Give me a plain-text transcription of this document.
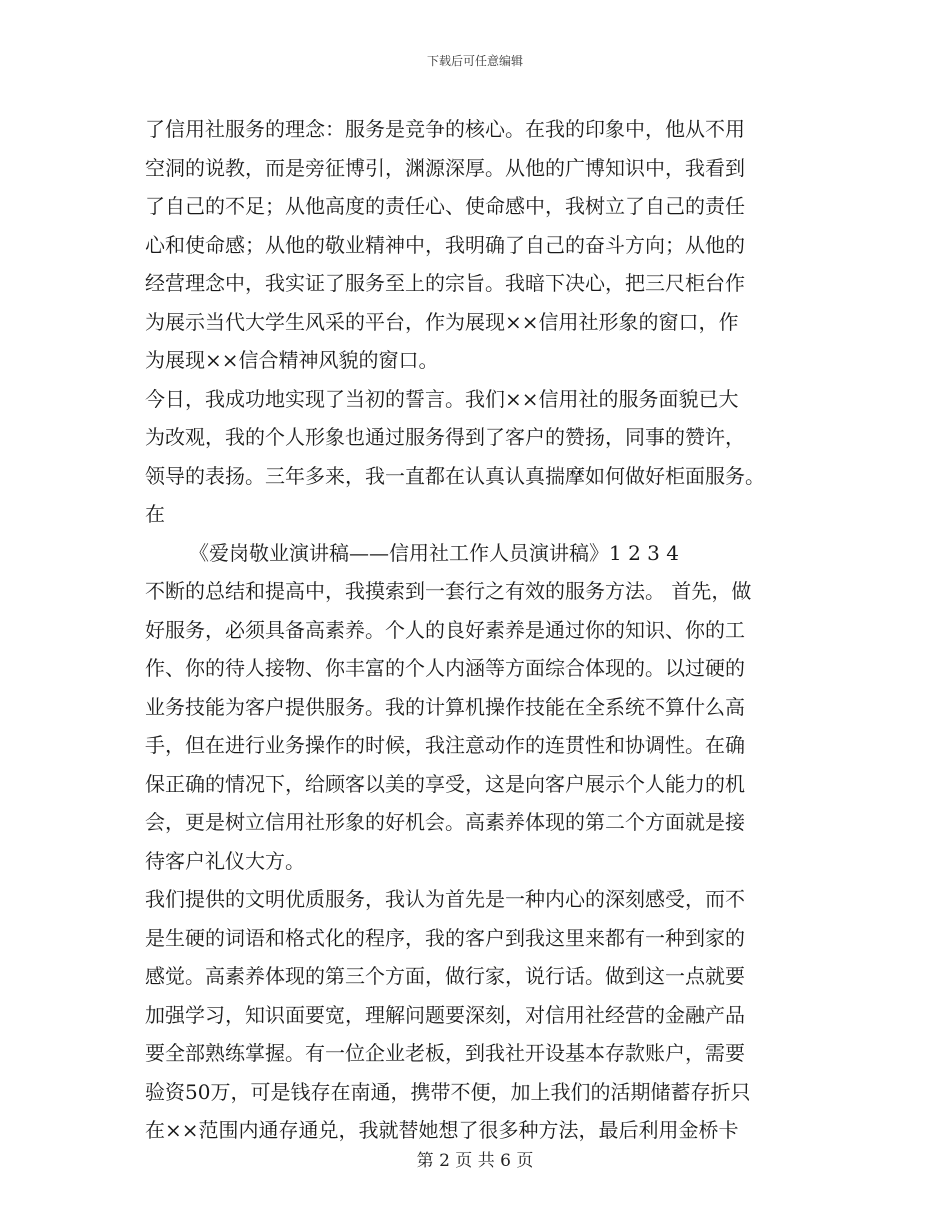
下载后可任意编辑
了信用社服务的理念：服务是竞争的核心。在我的印象中，他从不用
空洞的说教，而是旁征博引，渊源深厚。从他的广博知识中，我看到
了自己的不足；从他高度的责任心、使命感中，我树立了自己的责任
心和使命感；从他的敬业精神中，我明确了自己的奋斗方向；从他的
经营理念中，我实证了服务至上的宗旨。我暗下决心，把三尺柜台作
为展示当代大学生风采的平台，作为展现××信用社形象的窗口，作
为展现××信合精神风貌的窗口。
今日，我成功地实现了当初的誓言。我们××信用社的服务面貌已大
为改观，我的个人形象也通过服务得到了客户的赞扬，同事的赞许，
领导的表扬。三年多来，我一直都在认真认真揣摩如何做好柜面服务。
在
《爱岗敬业演讲稿——信用社工作人员演讲稿》1 2 3 4
不断的总结和提高中，我摸索到一套行之有效的服务方法。 首先，做
好服务，必须具备高素养。个人的良好素养是通过你的知识、你的工
作、你的待人接物、你丰富的个人内涵等方面综合体现的。以过硬的
业务技能为客户提供服务。我的计算机操作技能在全系统不算什么高
手，但在进行业务操作的时候，我注意动作的连贯性和协调性。在确
保正确的情况下，给顾客以美的享受，这是向客户展示个人能力的机
会，更是树立信用社形象的好机会。高素养体现的第二个方面就是接
待客户礼仪大方。
我们提供的文明优质服务，我认为首先是一种内心的深刻感受，而不
是生硬的词语和格式化的程序，我的客户到我这里来都有一种到家的
感觉。高素养体现的第三个方面，做行家，说行话。做到这一点就要
加强学习，知识面要宽，理解问题要深刻，对信用社经营的金融产品
要全部熟练掌握。有一位企业老板，到我社开设基本存款账户，需要
验资50万，可是钱存在南通，携带不便，加上我们的活期储蓄存折只
在××范围内通存通兑，我就替她想了很多种方法，最后利用金桥卡
第 2 页 共 6 页
